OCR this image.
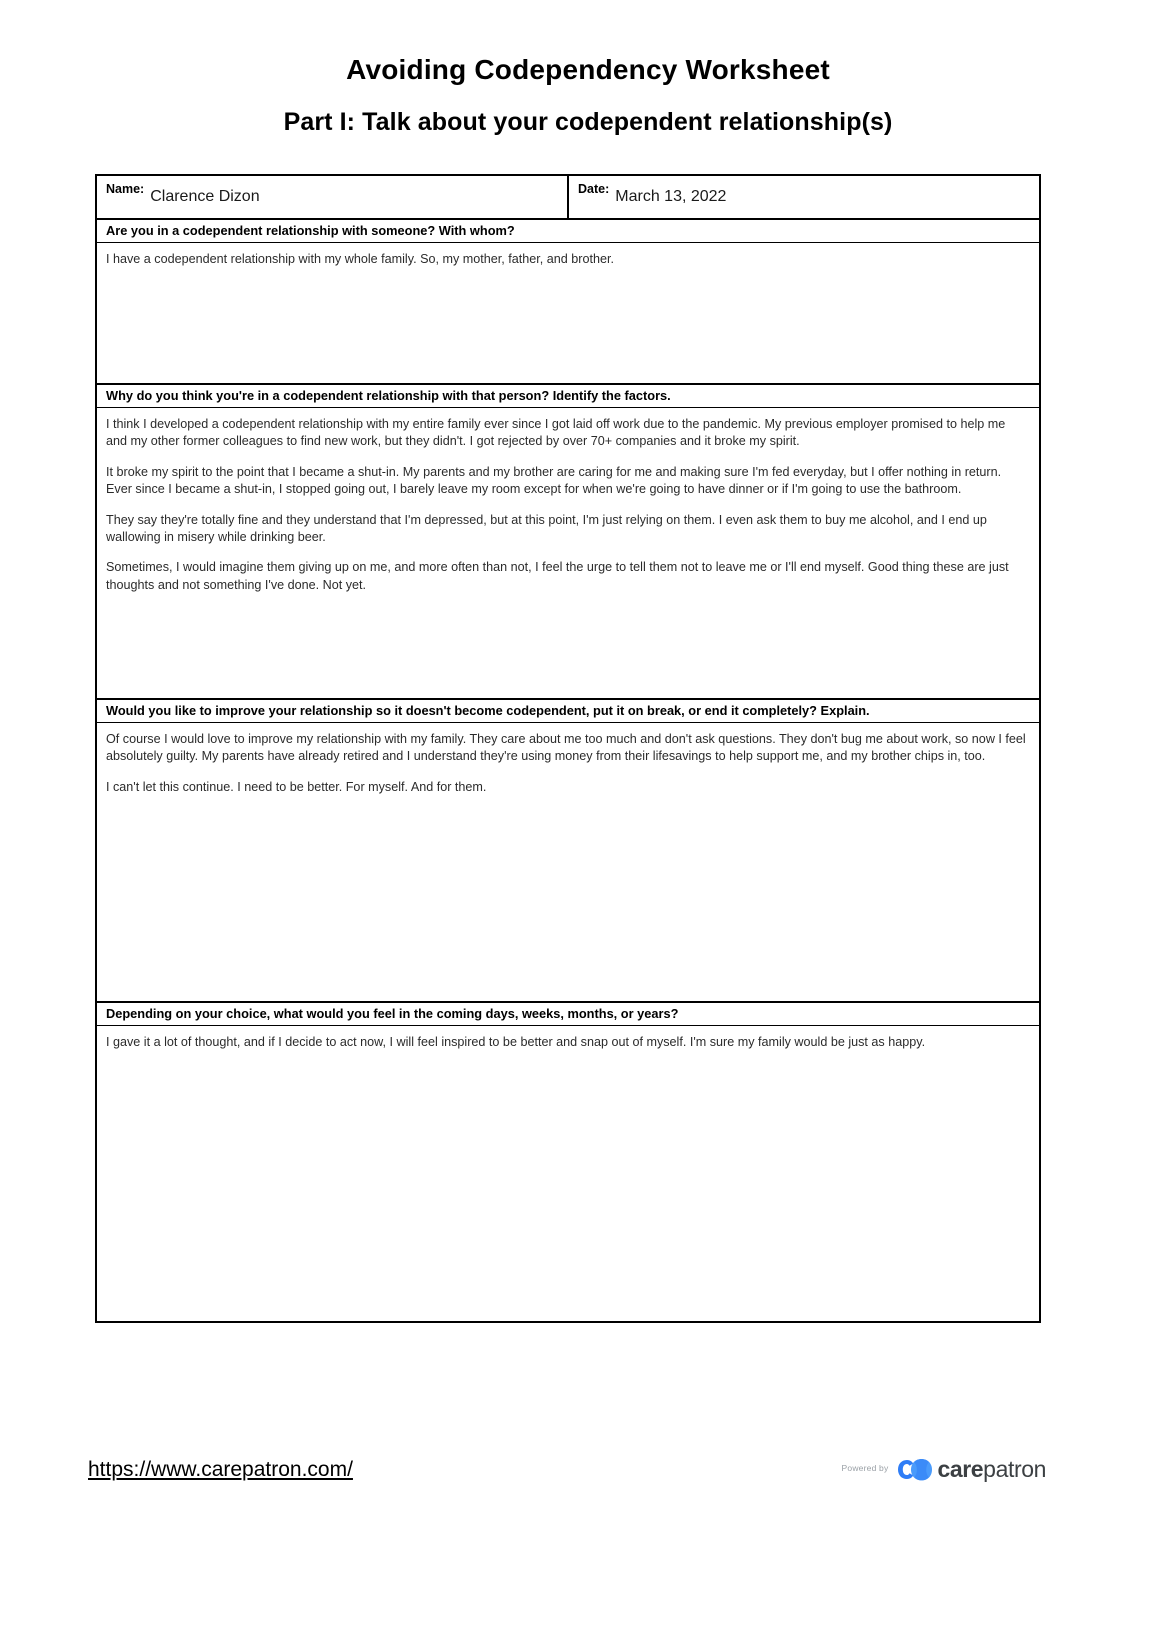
Avoiding Codependency Worksheet
Part I: Talk about your codependent relationship(s)
Name: Clarence Dizon	Date: March 13, 2022
Are you in a codependent relationship with someone? With whom?

I have a codependent relationship with my whole family. So, my mother, father, and brother.

Why do you think you're in a codependent relationship with that person? Identify the factors.

I think I developed a codependent relationship with my entire family ever since I got laid off work due to the pandemic. My previous employer promised to help me and my other former colleagues to find new work, but they didn't. I got rejected by over 70+ companies and it broke my spirit.

It broke my spirit to the point that I became a shut-in. My parents and my brother are caring for me and making sure I'm fed everyday, but I offer nothing in return. Ever since I became a shut-in, I stopped going out, I barely leave my room except for when we're going to have dinner or if I'm going to use the bathroom.

They say they're totally fine and they understand that I'm depressed, but at this point, I'm just relying on them. I even ask them to buy me alcohol, and I end up wallowing in misery while drinking beer.

Sometimes, I would imagine them giving up on me, and more often than not, I feel the urge to tell them not to leave me or I'll end myself. Good thing these are just thoughts and not something I've done. Not yet.

Would you like to improve your relationship so it doesn't become codependent, put it on break, or end it completely? Explain.

Of course I would love to improve my relationship with my family. They care about me too much and don't ask questions. They don't bug me about work, so now I feel absolutely guilty. My parents have already retired and I understand they're using money from their lifesavings to help support me, and my brother chips in, too.

I can't let this continue. I need to be better. For myself. And for them.

Depending on your choice, what would you feel in the coming days, weeks, months, or years?

I gave it a lot of thought, and if I decide to act now, I will feel inspired to be better and snap out of myself. I'm sure my family would be just as happy.

https://www.carepatron.com/	Powered by carepatron
